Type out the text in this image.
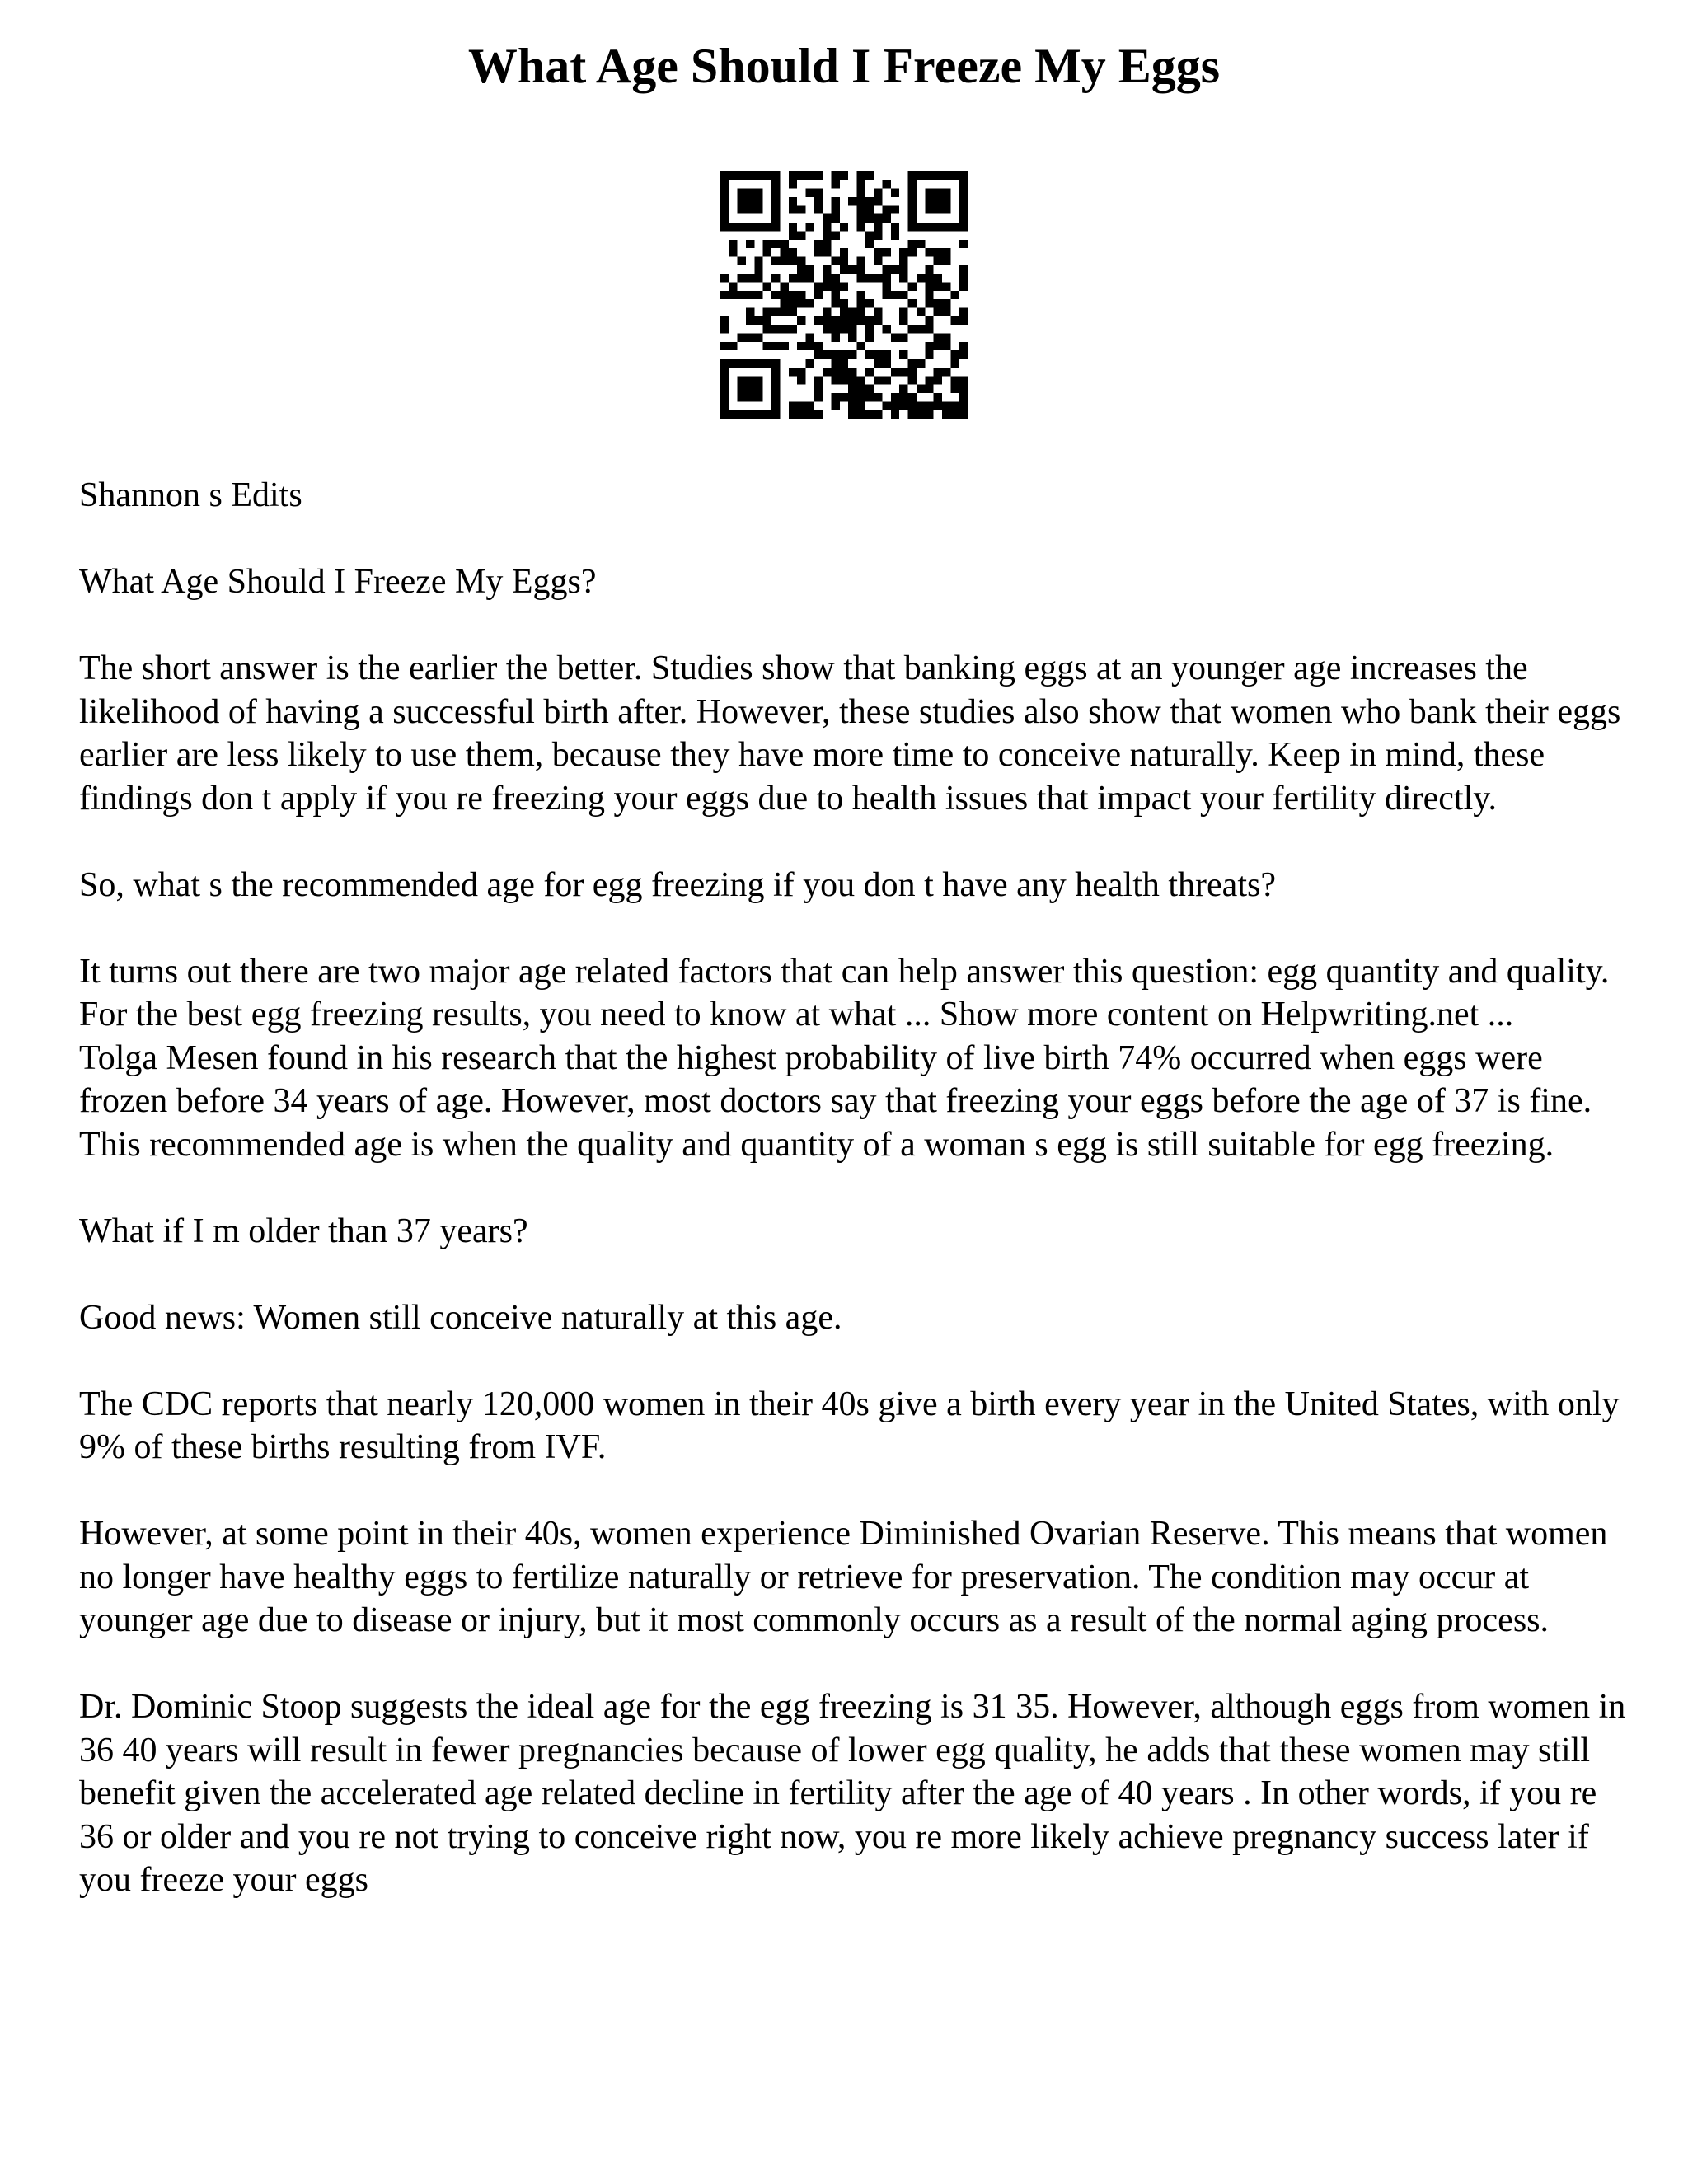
What Age Should I Freeze My Eggs

Shannon s Edits

What Age Should I Freeze My Eggs?

The short answer is the earlier the better. Studies show that banking eggs at an younger age increases the likelihood of having a successful birth after. However, these studies also show that women who bank their eggs earlier are less likely to use them, because they have more time to conceive naturally. Keep in mind, these findings don t apply if you re freezing your eggs due to health issues that impact your fertility directly.

So, what s the recommended age for egg freezing if you don t have any health threats?

It turns out there are two major age related factors that can help answer this question: egg quantity and quality. For the best egg freezing results, you need to know at what ... Show more content on Helpwriting.net ...

Tolga Mesen found in his research that the highest probability of live birth 74% occurred when eggs were frozen before 34 years of age. However, most doctors say that freezing your eggs before the age of 37 is fine. This recommended age is when the quality and quantity of a woman s egg is still suitable for egg freezing.

What if I m older than 37 years?

Good news: Women still conceive naturally at this age.

The CDC reports that nearly 120,000 women in their 40s give a birth every year in the United States, with only 9% of these births resulting from IVF.

However, at some point in their 40s, women experience Diminished Ovarian Reserve. This means that women no longer have healthy eggs to fertilize naturally or retrieve for preservation. The condition may occur at younger age due to disease or injury, but it most commonly occurs as a result of the normal aging process.

Dr. Dominic Stoop suggests the ideal age for the egg freezing is 31 35. However, although eggs from women in 36 40 years will result in fewer pregnancies because of lower egg quality, he adds that these women may still benefit given the accelerated age related decline in fertility after the age of 40 years . In other words, if you re 36 or older and you re not trying to conceive right now, you re more likely achieve pregnancy success later if you freeze your eggs
